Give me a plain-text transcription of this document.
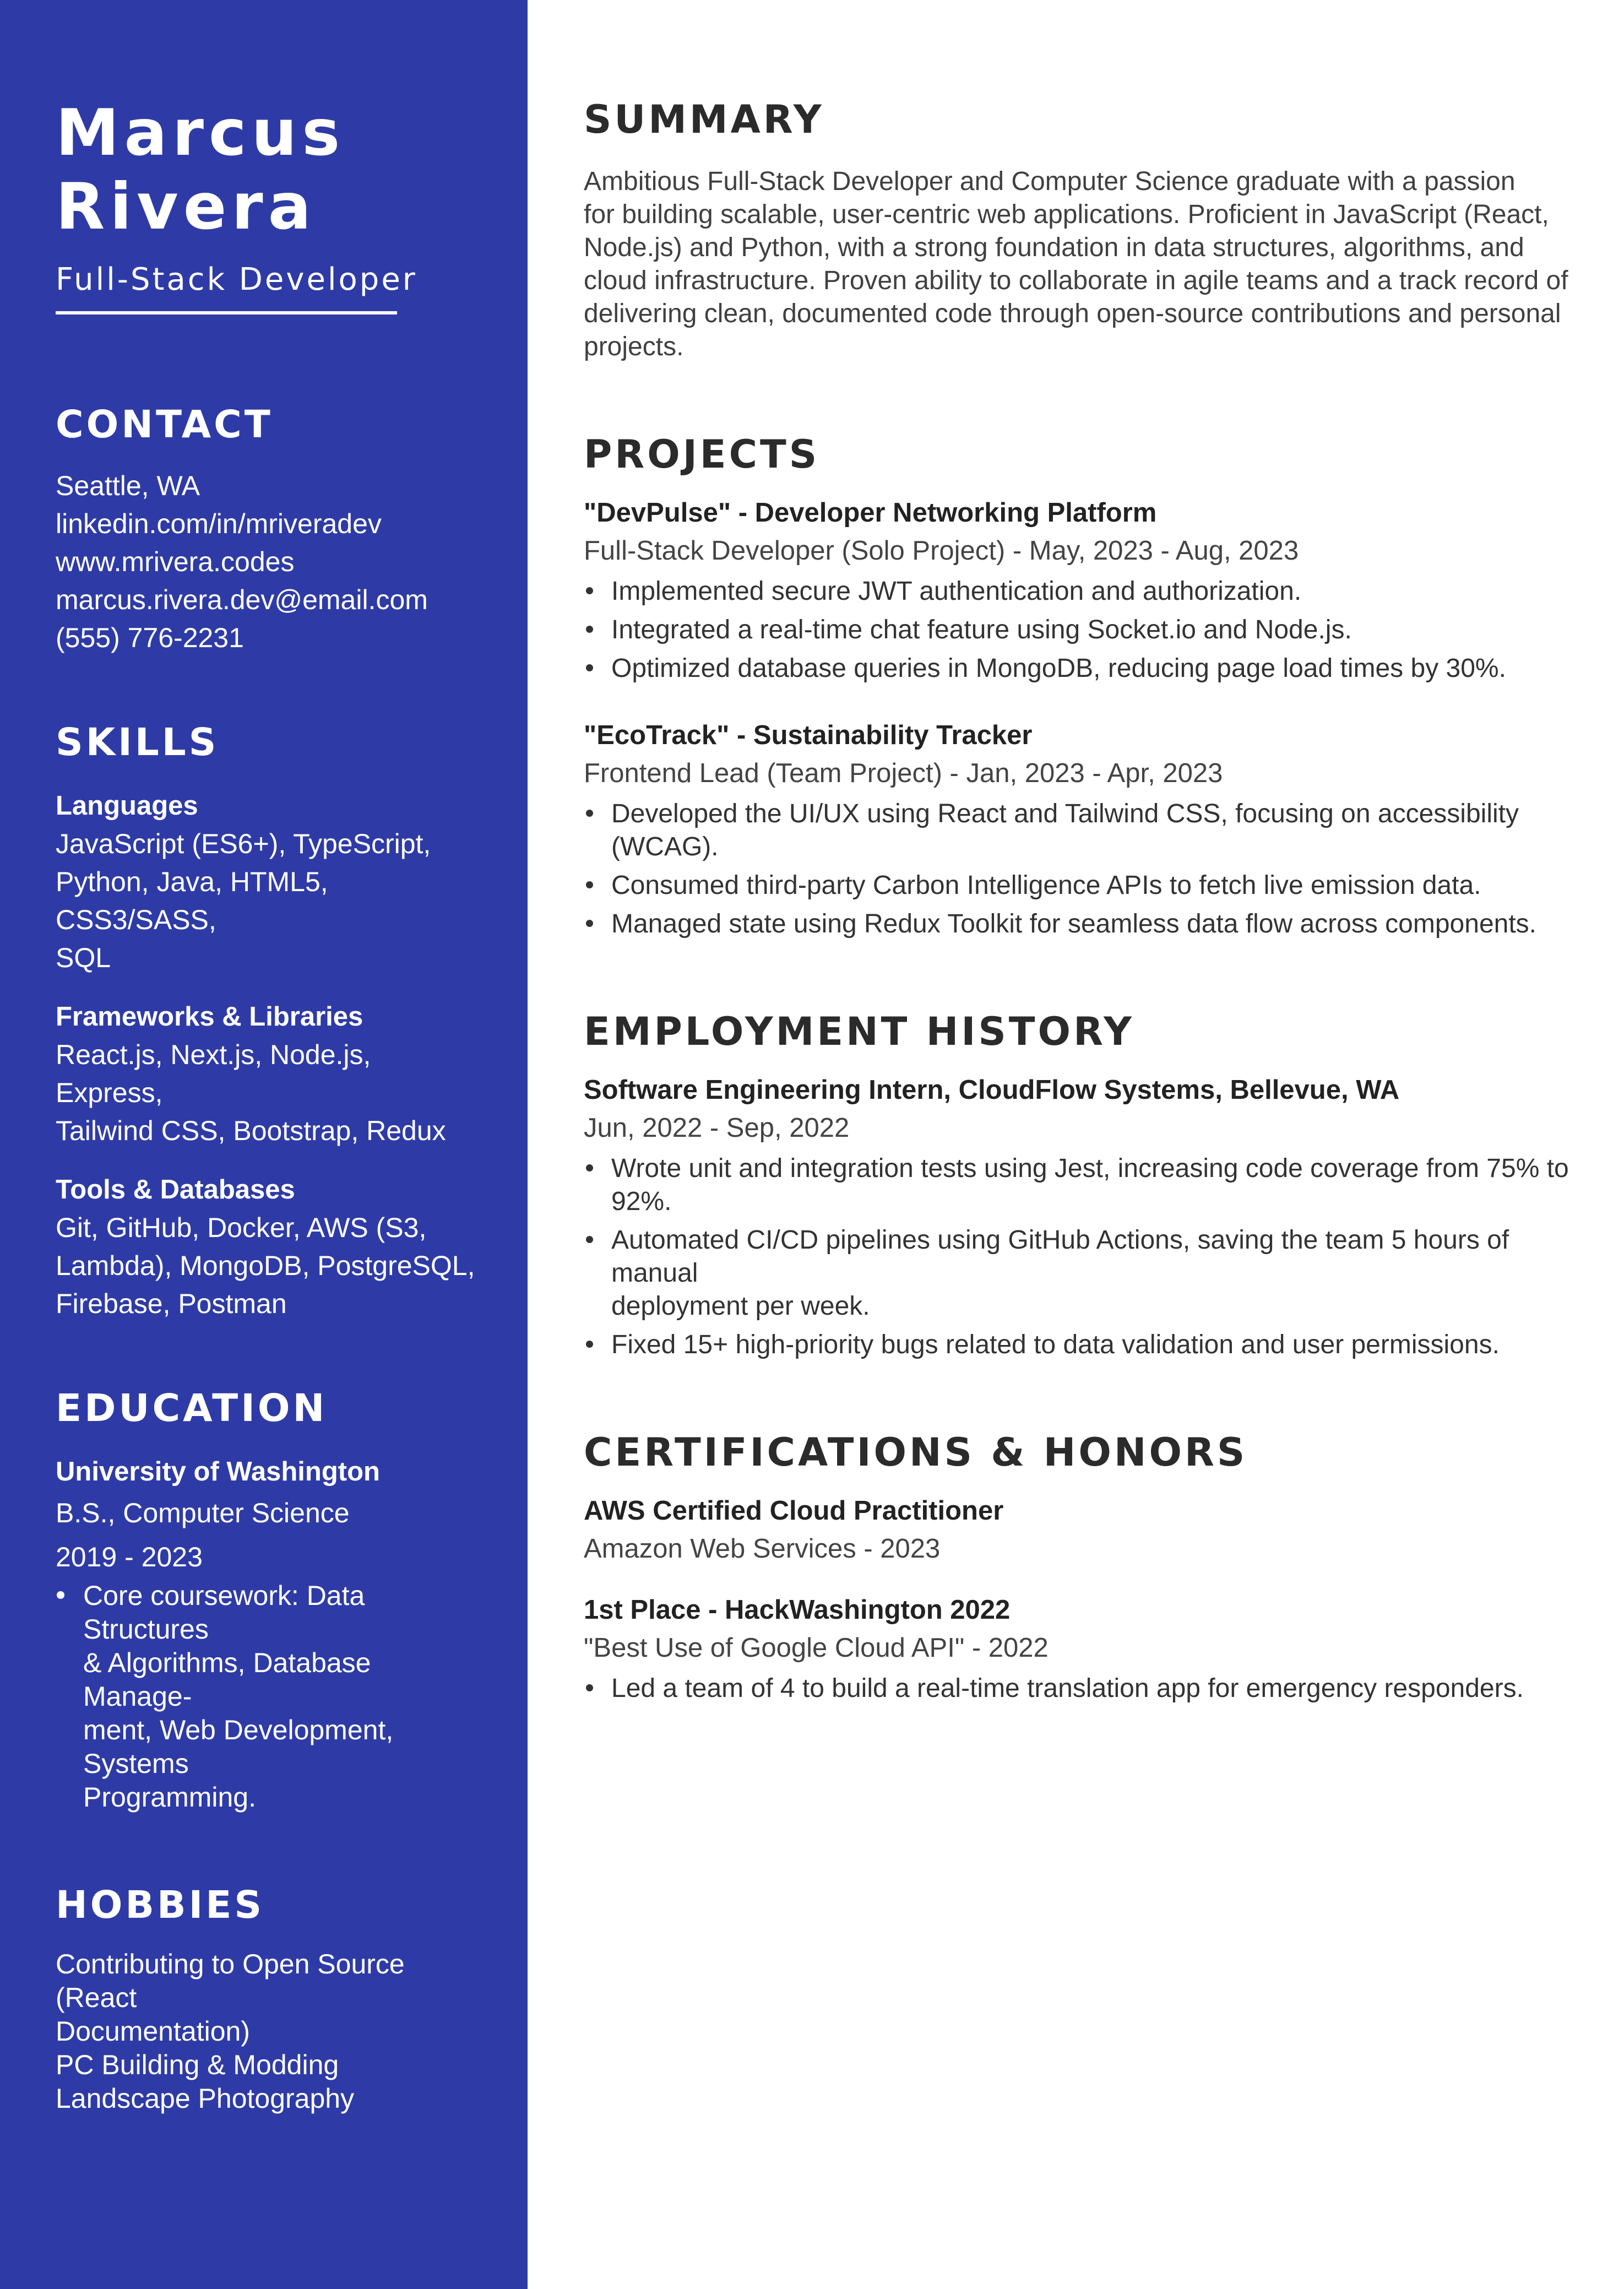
Marcus
Rivera
Full-Stack Developer
CONTACT
Seattle, WA
linkedin.com/in/mriveradev
www.mrivera.codes
marcus.rivera.dev@email.com
(555) 776-2231
SKILLS
Languages
JavaScript (ES6+), TypeScript,
Python, Java, HTML5, CSS3/SASS,
SQL
Frameworks & Libraries
React.js, Next.js, Node.js, Express,
Tailwind CSS, Bootstrap, Redux
Tools & Databases
Git, GitHub, Docker, AWS (S3,
Lambda), MongoDB, PostgreSQL,
Firebase, Postman
EDUCATION
University of Washington
B.S., Computer Science
2019 - 2023
Core coursework: Data Structures
& Algorithms, Database Manage-
ment, Web Development, Systems
Programming.
HOBBIES
Contributing to Open Source (React
Documentation)
PC Building & Modding
Landscape Photography
SUMMARY
Ambitious Full-Stack Developer and Computer Science graduate with a passion
for building scalable, user-centric web applications. Proficient in JavaScript (React,
Node.js) and Python, with a strong foundation in data structures, algorithms, and
cloud infrastructure. Proven ability to collaborate in agile teams and a track record of
delivering clean, documented code through open-source contributions and personal
projects.
PROJECTS
"DevPulse" - Developer Networking Platform
Full-Stack Developer (Solo Project) - May, 2023 - Aug, 2023
Implemented secure JWT authentication and authorization.
Integrated a real-time chat feature using Socket.io and Node.js.
Optimized database queries in MongoDB, reducing page load times by 30%.
"EcoTrack" - Sustainability Tracker
Frontend Lead (Team Project) - Jan, 2023 - Apr, 2023
Developed the UI/UX using React and Tailwind CSS, focusing on accessibility
(WCAG).
Consumed third-party Carbon Intelligence APIs to fetch live emission data.
Managed state using Redux Toolkit for seamless data flow across components.
EMPLOYMENT HISTORY
Software Engineering Intern, CloudFlow Systems, Bellevue, WA
Jun, 2022 - Sep, 2022
Wrote unit and integration tests using Jest, increasing code coverage from 75% to
92%.
Automated CI/CD pipelines using GitHub Actions, saving the team 5 hours of manual
deployment per week.
Fixed 15+ high-priority bugs related to data validation and user permissions.
CERTIFICATIONS & HONORS
AWS Certified Cloud Practitioner
Amazon Web Services - 2023
1st Place - HackWashington 2022
"Best Use of Google Cloud API" - 2022
Led a team of 4 to build a real-time translation app for emergency responders.
